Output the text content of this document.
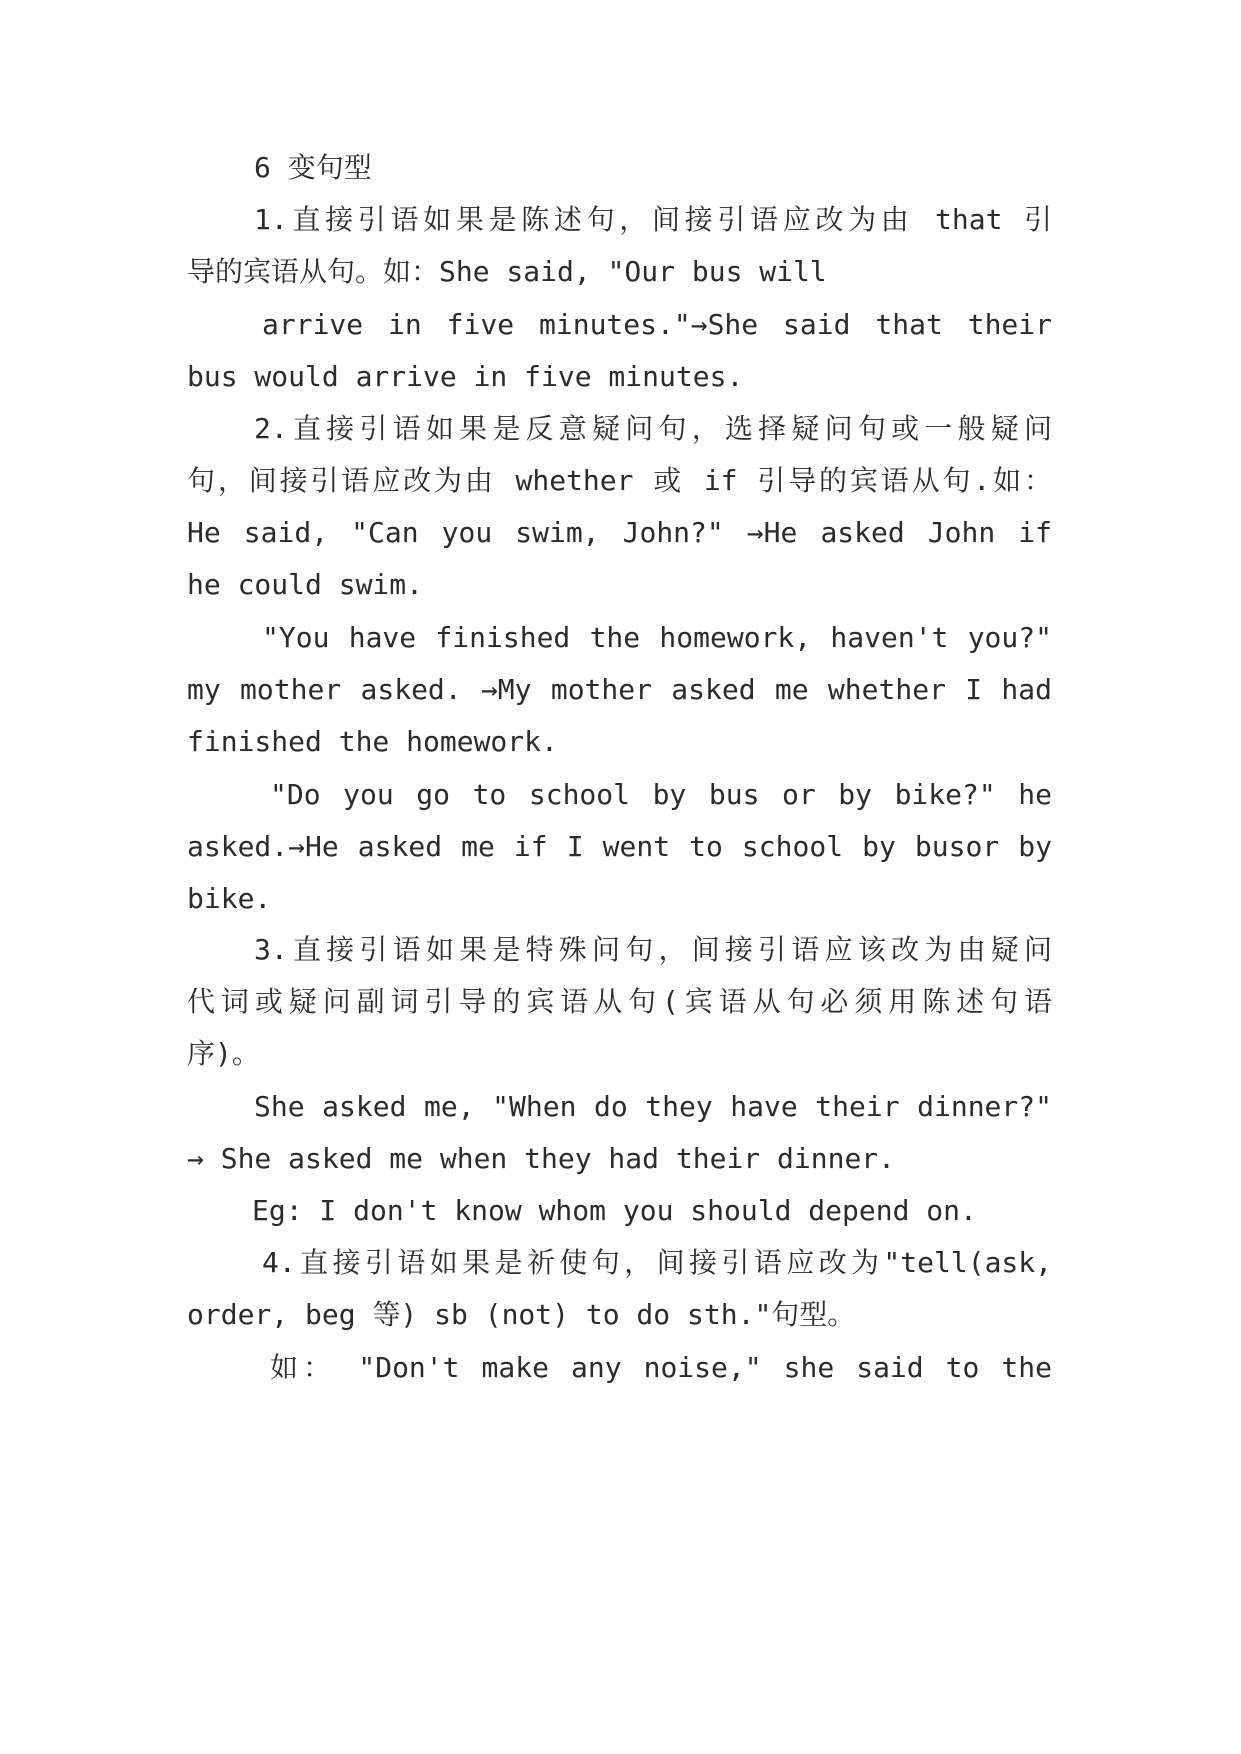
6 变句型
1.直接引语如果是陈述句，间接引语应改为由 that 引
导的宾语从句。如：She said, "Our bus will
arrive in five minutes."→She said that their
bus would arrive in five minutes.
2.直接引语如果是反意疑问句，选择疑问句或一般疑问
句，间接引语应改为由 whether 或 if 引导的宾语从句.如：
He said, "Can you swim, John?" →He asked John if
he could swim.
"You have finished the homework, haven't you?"
my mother asked. →My mother asked me whether I had
finished the homework.
"Do you go to school by bus or by bike?" he
asked.→He asked me if I went to school by busor by
bike.
3.直接引语如果是特殊问句，间接引语应该改为由疑问
代词或疑问副词引导的宾语从句(宾语从句必须用陈述句语
序)。
She asked me, "When do they have their dinner?"
→ She asked me when they had their dinner.
Eg: I don't know whom you should depend on.
4.直接引语如果是祈使句，间接引语应改为"tell(ask,
order, beg 等) sb (not) to do sth."句型。
如： "Don't make any noise," she said to the
